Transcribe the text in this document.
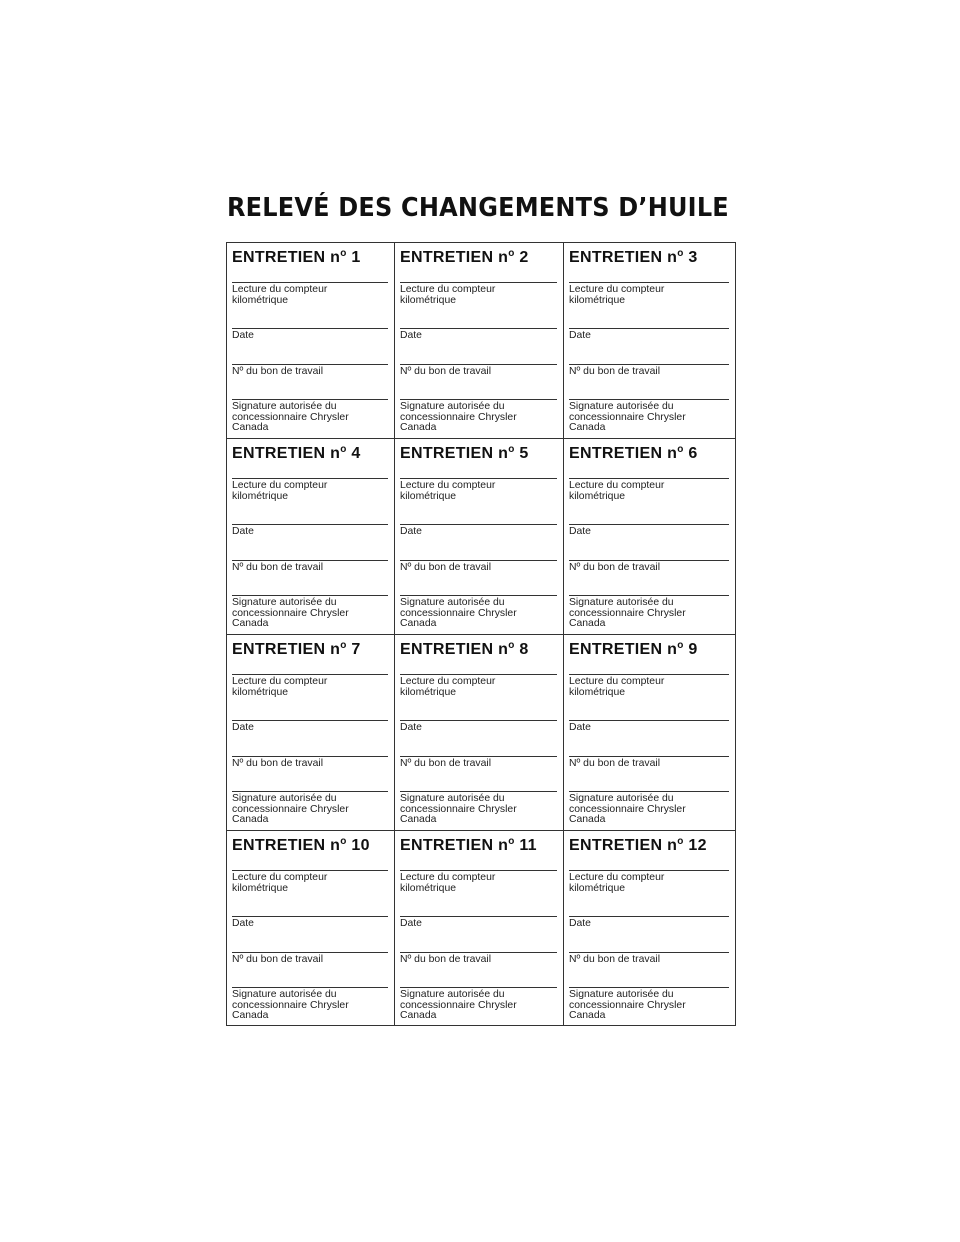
RELEVÉ DES CHANGEMENTS D’HUILE
ENTRETIEN $n^o$ 1
Lecture du compteur
kilométrique
Date
Nº du bon de travail
Signature autorisée du
concessionnaire Chrysler
Canada
ENTRETIEN $n^o$ 2
Lecture du compteur
kilométrique
Date
Nº du bon de travail
Signature autorisée du
concessionnaire Chrysler
Canada
ENTRETIEN $n^o$ 3
Lecture du compteur
kilométrique
Date
Nº du bon de travail
Signature autorisée du
concessionnaire Chrysler
Canada
ENTRETIEN $n^o$ 4
Lecture du compteur
kilométrique
Date
Nº du bon de travail
Signature autorisée du
concessionnaire Chrysler
Canada
ENTRETIEN $n^o$ 5
Lecture du compteur
kilométrique
Date
Nº du bon de travail
Signature autorisée du
concessionnaire Chrysler
Canada
ENTRETIEN $n^o$ 6
Lecture du compteur
kilométrique
Date
Nº du bon de travail
Signature autorisée du
concessionnaire Chrysler
Canada
ENTRETIEN $n^o$ 7
Lecture du compteur
kilométrique
Date
Nº du bon de travail
Signature autorisée du
concessionnaire Chrysler
Canada
ENTRETIEN $n^o$ 8
Lecture du compteur
kilométrique
Date
Nº du bon de travail
Signature autorisée du
concessionnaire Chrysler
Canada
ENTRETIEN $n^o$ 9
Lecture du compteur
kilométrique
Date
Nº du bon de travail
Signature autorisée du
concessionnaire Chrysler
Canada
ENTRETIEN $n^o$ 10
Lecture du compteur
kilométrique
Date
Nº du bon de travail
Signature autorisée du
concessionnaire Chrysler
Canada
ENTRETIEN $n^o$ 11
Lecture du compteur
kilométrique
Date
Nº du bon de travail
Signature autorisée du
concessionnaire Chrysler
Canada
ENTRETIEN $n^o$ 12
Lecture du compteur
kilométrique
Date
Nº du bon de travail
Signature autorisée du
concessionnaire Chrysler
Canada
